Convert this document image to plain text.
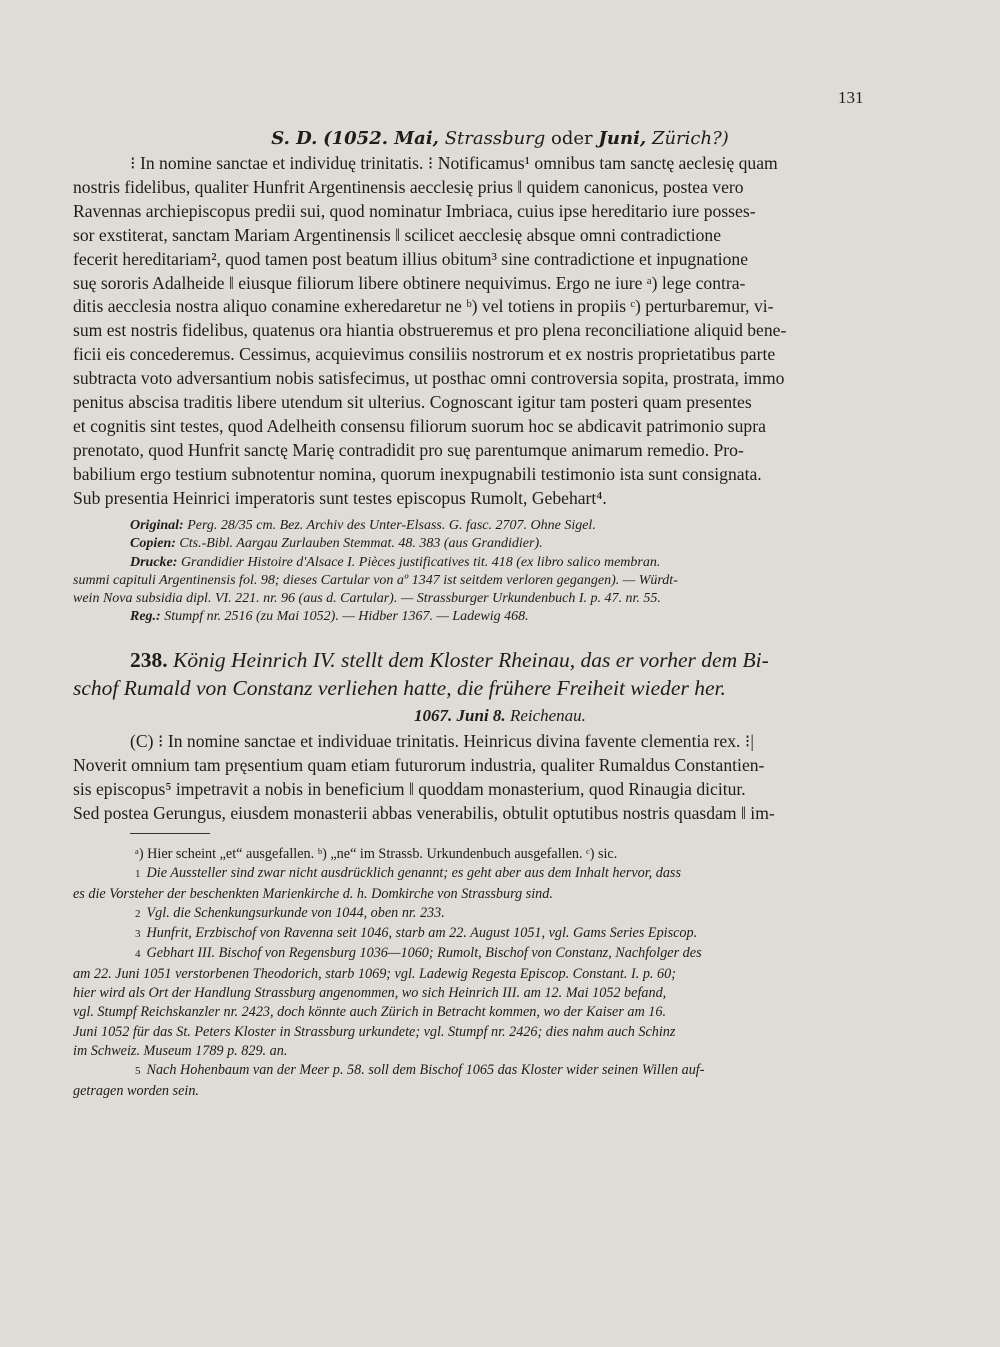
131
S. D. (1052. Mai, Strassburg oder Juni, Zürich?)

⁝ In nomine sanctae et individuę trinitatis. ⁝ Notificamus¹ omnibus tam sanctę aeclesię quam

nostris fidelibus, qualiter Hunfrit Argentinensis aecclesię prius ‖ quidem canonicus, postea vero

Ravennas archiepiscopus predii sui, quod nominatur Imbriaca, cuius ipse hereditario iure posses-

sor exstiterat, sanctam Mariam Argentinensis ‖ scilicet aecclesię absque omni contradictione

fecerit hereditariam², quod tamen post beatum illius obitum³ sine contradictione et inpugnatione

suę sororis Adalheide ‖ eiusque filiorum libere obtinere nequivimus. Ergo ne iure ᵃ) lege contra-

ditis aecclesia nostra aliquo conamine exheredaretur ne ᵇ) vel totiens in propiis ᶜ) perturbaremur, vi-

sum est nostris fidelibus, quatenus ora hiantia obstrueremus et pro plena reconciliatione aliquid bene-

ficii eis concederemus. Cessimus, acquievimus consiliis nostrorum et ex nostris proprietatibus parte

subtracta voto adversantium nobis satisfecimus, ut posthac omni controversia sopita, prostrata, immo

penitus abscisa traditis libere utendum sit ulterius. Cognoscant igitur tam posteri quam presentes

et cognitis sint testes, quod Adelheith consensu filiorum suorum hoc se abdicavit patrimonio supra

prenotato, quod Hunfrit sanctę Marię contradidit pro suę parentumque animarum remedio. Pro-

babilium ergo testium subnotentur nomina, quorum inexpugnabili testimonio ista sunt consignata.

Sub presentia Heinrici imperatoris sunt testes episcopus Rumolt, Gebehart⁴.

Original: Perg. 28/35 cm. Bez. Archiv des Unter-Elsass. G. fasc. 2707. Ohne Sigel.

Copien: Cts.-Bibl. Aargau Zurlauben Stemmat. 48. 383 (aus Grandidier).

Drucke: Grandidier Histoire d'Alsace I. Pièces justificatives tit. 418 (ex libro salico membran.

summi capituli Argentinensis fol. 98; dieses Cartular von aº 1347 ist seitdem verloren gegangen). — Würdt-

wein Nova subsidia dipl. VI. 221. nr. 96 (aus d. Cartular). — Strassburger Urkundenbuch I. p. 47. nr. 55.

Reg.: Stumpf nr. 2516 (zu Mai 1052). — Hidber 1367. — Ladewig 468.

238. König Heinrich IV. stellt dem Kloster Rheinau, das er vorher dem Bi-
schof Rumald von Constanz verliehen hatte, die frühere Freiheit wieder her.
1067. Juni 8. Reichenau.

(C) ⁝ In nomine sanctae et individuae trinitatis. Heinricus divina favente clementia rex. ⁝|

Noverit omnium tam pręsentium quam etiam futurorum industria, qualiter Rumaldus Constantien-

sis episcopus⁵ impetravit a nobis in beneficium ‖ quoddam monasterium, quod Rinaugia dicitur.

Sed postea Gerungus, eiusdem monasterii abbas venerabilis, obtulit optutibus nostris quasdam ‖ im-

ᵃ) Hier scheint „et“ ausgefallen. ᵇ) „ne“ im Strassb. Urkundenbuch ausgefallen. ᶜ) sic.

1 Die Aussteller sind zwar nicht ausdrücklich genannt; es geht aber aus dem Inhalt hervor, dass

es die Vorsteher der beschenkten Marienkirche d. h. Domkirche von Strassburg sind.

2 Vgl. die Schenkungsurkunde von 1044, oben nr. 233.

3 Hunfrit, Erzbischof von Ravenna seit 1046, starb am 22. August 1051, vgl. Gams Series Episcop.

4 Gebhart III. Bischof von Regensburg 1036—1060; Rumolt, Bischof von Constanz, Nachfolger des

am 22. Juni 1051 verstorbenen Theodorich, starb 1069; vgl. Ladewig Regesta Episcop. Constant. I. p. 60;

hier wird als Ort der Handlung Strassburg angenommen, wo sich Heinrich III. am 12. Mai 1052 befand,

vgl. Stumpf Reichskanzler nr. 2423, doch könnte auch Zürich in Betracht kommen, wo der Kaiser am 16.

Juni 1052 für das St. Peters Kloster in Strassburg urkundete; vgl. Stumpf nr. 2426; dies nahm auch Schinz

im Schweiz. Museum 1789 p. 829. an.

5 Nach Hohenbaum van der Meer p. 58. soll dem Bischof 1065 das Kloster wider seinen Willen auf-

getragen worden sein.
